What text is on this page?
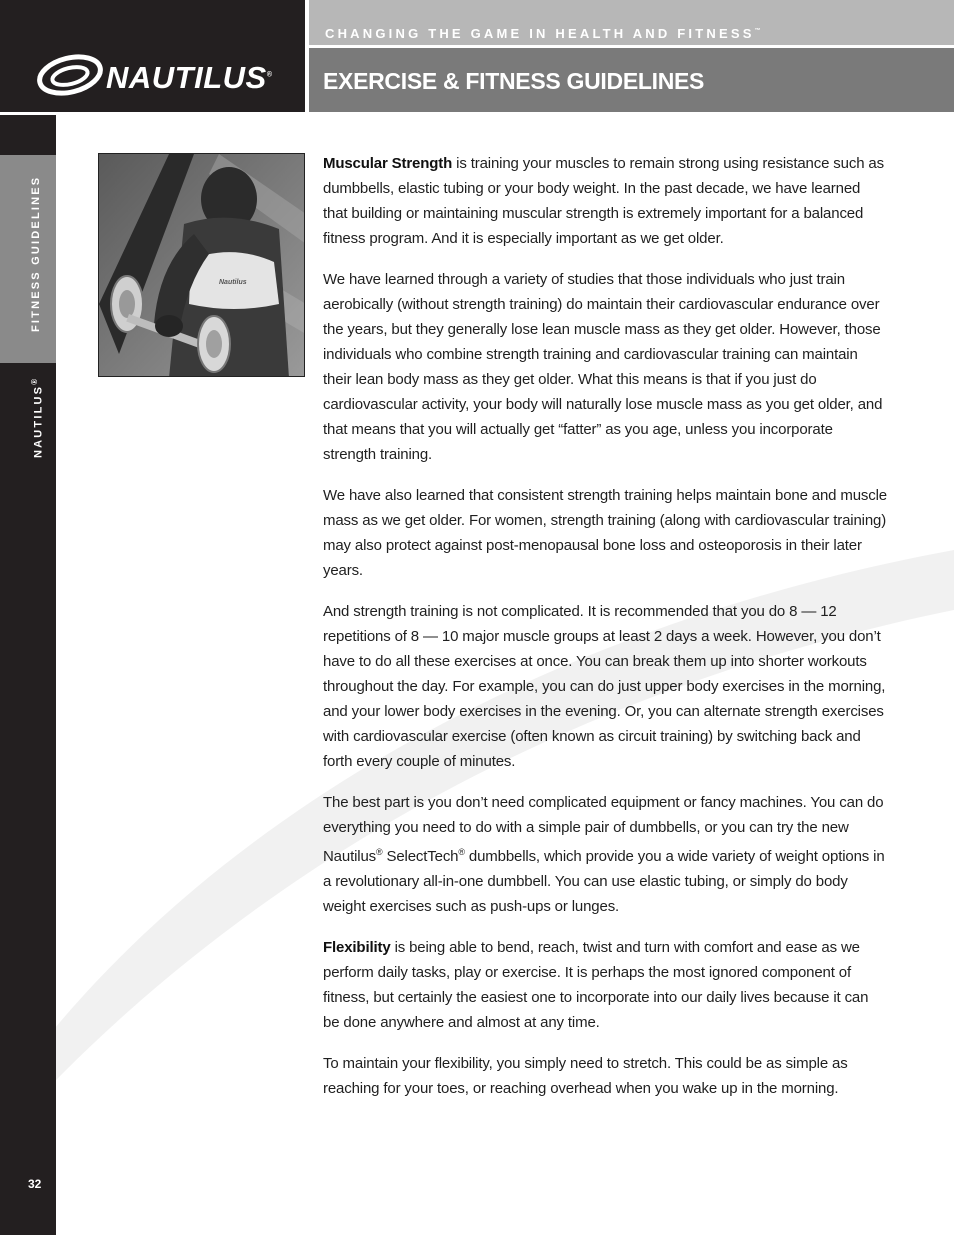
NAUTILUS®
CHANGING THE GAME IN HEALTH AND FITNESS™
EXERCISE & FITNESS GUIDELINES
FITNESS GUIDELINES
NAUTILUS®
32
Nautilus

Muscular Strength is training your muscles to remain strong using resistance such as dumbbells, elastic tubing or your body weight. In the past decade, we have learned that building or maintaining muscular strength is extremely important for a balanced fitness program. And it is especially important as we get older.

We have learned through a variety of studies that those individuals who just train aerobically (without strength training) do maintain their cardiovascular endurance over the years, but they generally lose lean muscle mass as they get older. However, those individuals who combine strength training and cardiovascular training can maintain their lean body mass as they get older. What this means is that if you just do cardiovascular activity, your body will naturally lose muscle mass as you get older, and that means that you will actually get “fatter” as you age, unless you incorporate strength training.

We have also learned that consistent strength training helps maintain bone and muscle mass as we get older. For women, strength training (along with cardiovascular training) may also protect against post-menopausal bone loss and osteoporosis in their later years.

And strength training is not complicated. It is recommended that you do 8 — 12 repetitions of 8 — 10 major muscle groups at least 2 days a week. However, you don’t have to do all these exercises at once. You can break them up into shorter workouts throughout the day. For example, you can do just upper body exercises in the morning, and your lower body exercises in the evening. Or, you can alternate strength exercises with cardiovascular exercise (often known as circuit training) by switching back and forth every couple of minutes.

The best part is you don’t need complicated equipment or fancy machines. You can do everything you need to do with a simple pair of dumbbells, or you can try the new Nautilus® SelectTech® dumbbells, which provide you a wide variety of weight options in a revolutionary all-in-one dumbbell. You can use elastic tubing, or simply do body weight exercises such as push-ups or lunges.

Flexibility is being able to bend, reach, twist and turn with comfort and ease as we perform daily tasks, play or exercise. It is perhaps the most ignored component of fitness, but certainly the easiest one to incorporate into our daily lives because it can be done anywhere and almost at any time.

To maintain your flexibility, you simply need to stretch. This could be as simple as reaching for your toes, or reaching overhead when you wake up in the morning.
